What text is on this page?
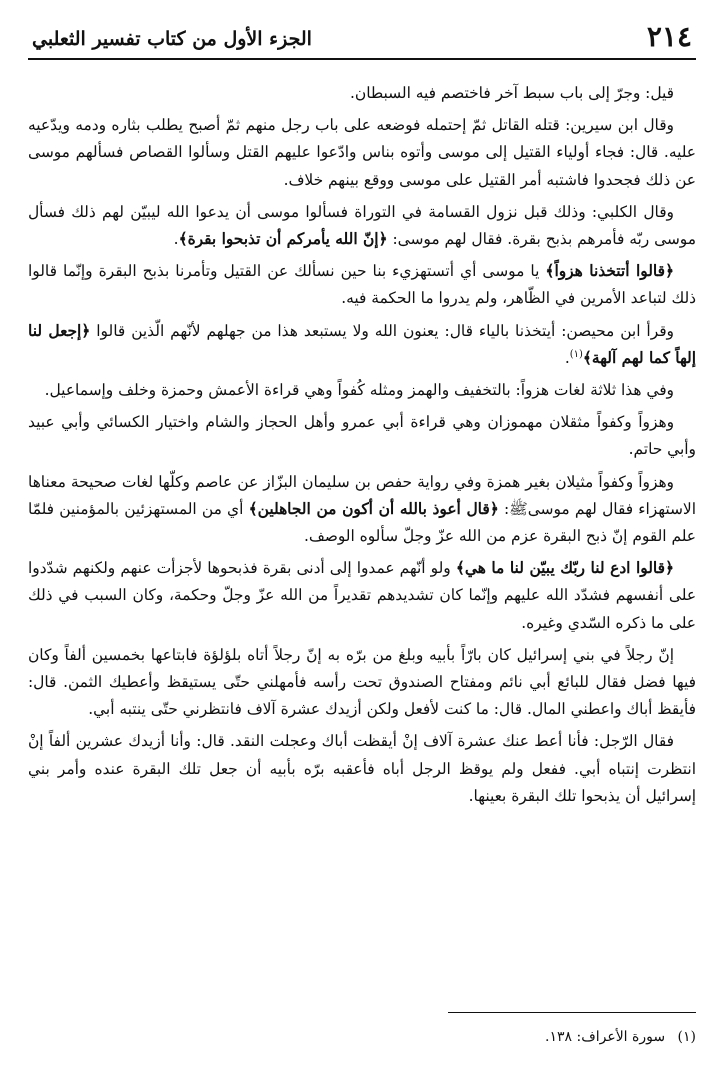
٢١٤
الجزء الأول من كتاب تفسير الثعلبي

قيل: وجرّ إلى باب سبط آخر فاختصم فيه السبطان.

وقال ابن سيرين: قتله القاتل ثمّ إحتمله فوضعه على باب رجل منهم ثمّ أصبح يطلب بثاره ودمه ويدّعيه عليه. قال: فجاء أولياء القتيل إلى موسى وأتوه بناس وادّعوا عليهم القتل وسألوا القصاص فسألهم موسى عن ذلك فجحدوا فاشتبه أمر القتيل على موسى ووقع بينهم خلاف.

وقال الكلبي: وذلك قبل نزول القسامة في التوراة فسألوا موسى أن يدعوا الله ليبيّن لهم ذلك فسأل موسى ربّه فأمرهم بذبح بقرة. فقال لهم موسى: ﴿إنّ الله يأمركم أن تذبحوا بقرة﴾.

﴿قالوا أتتخذنا هزواً﴾ يا موسى أي أتستهزيء بنا حين نسألك عن القتيل وتأمرنا بذبح البقرة وإنّما قالوا ذلك لتباعد الأمرين في الظّاهر، ولم يدروا ما الحكمة فيه.

وقرأ ابن محيصن: أيتخذنا بالياء قال: يعنون الله ولا يستبعد هذا من جهلهم لأنّهم الّذين قالوا ﴿إجعل لنا إلهاً كما لهم آلهة﴾$^{(١)}$.

وفي هذا ثلاثة لغات هزواً: بالتخفيف والهمز ومثله كُفواً وهي قراءة الأعمش وحمزة وخلف وإسماعيل.

وهزواً وكفواً مثقلان مهموزان وهي قراءة أبي عمرو وأهل الحجاز والشام واختيار الكسائي وأبي عبيد وأبي حاتم.

وهزواً وكفواً مثيلان بغير همزة وفي رواية حفص بن سليمان البزّاز عن عاصم وكلّها لغات صحيحة معناها الاستهزاء فقال لهم موسىﷺ: ﴿قال أعوذ بالله أن أكون من الجاهلين﴾ أي من المستهزئين بالمؤمنين فلمّا علم القوم إنّ ذبح البقرة عزم من الله عزّ وجلّ سألوه الوصف.

﴿قالوا ادع لنا ربّك يبيّن لنا ما هي﴾ ولو أنّهم عمدوا إلى أدنى بقرة فذبحوها لأجزأت عنهم ولكنهم شدّدوا على أنفسهم فشدّد الله عليهم وإنّما كان تشديدهم تقديراً من الله عزّ وجلّ وحكمة، وكان السبب في ذلك على ما ذكره السّدي وغيره.

إنّ رجلاً في بني إسرائيل كان بارّاً بأبيه وبلغ من برّه به إنّ رجلاً أتاه بلؤلؤة فابتاعها بخمسين ألفاً وكان فيها فضل فقال للبائع أبي نائم ومفتاح الصندوق تحت رأسه فأمهلني حتّى يستيقظ وأعطيك الثمن. قال: فأيقظ أباك واعطني المال. قال: ما كنت لأفعل ولكن أزيدك عشرة آلاف فانتظرني حتّى ينتبه أبي.

فقال الرّجل: فأنا أعط عنك عشرة آلاف إنْ أيقظت أباك وعجلت النقد. قال: وأنا أزيدك عشرين ألفاً إنْ انتظرت إنتباه أبي. ففعل ولم يوقظ الرجل أباه فأعقبه برّه بأبيه أن جعل تلك البقرة عنده وأمر بني إسرائيل أن يذبحوا تلك البقرة بعينها.

(١) سورة الأعراف: ١٣٨.
